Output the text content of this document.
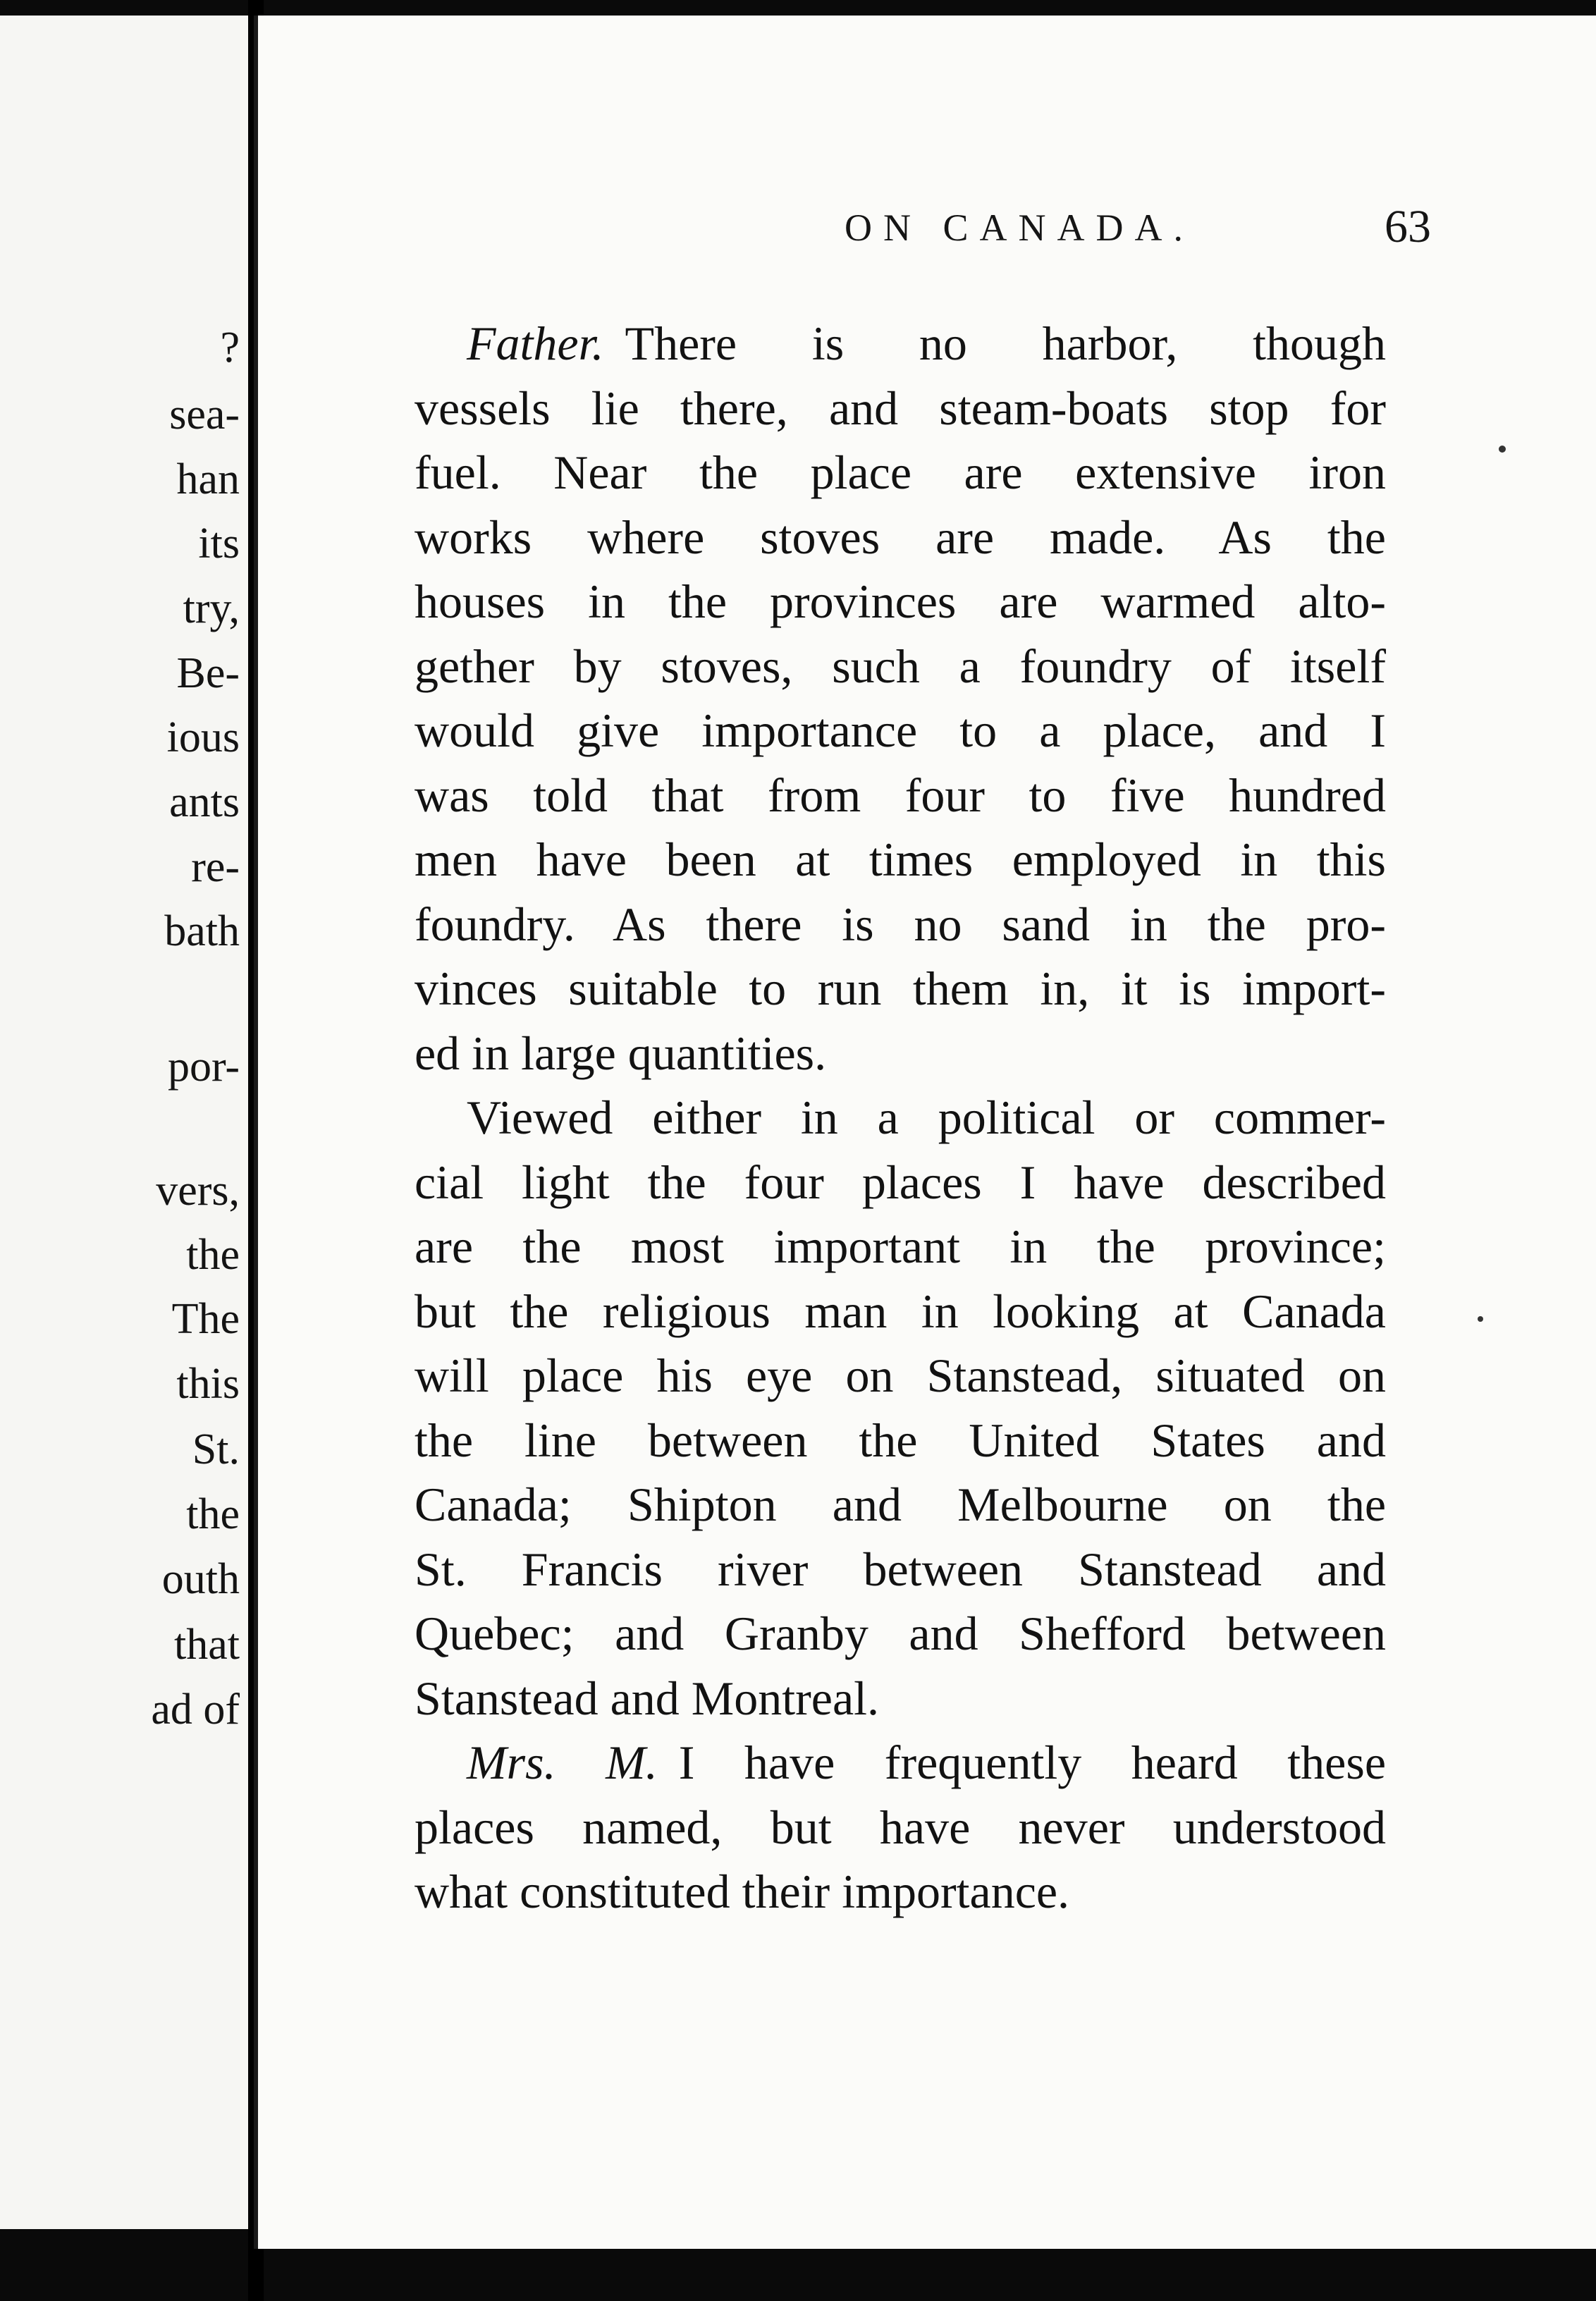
?
sea-
han
its
try,
Be-
ious
ants
re-
bath
por-
vers,
the
The
this
St.
the
outh
that
ad of
ON CANADA.	63
Father. There is no harbor, though
vessels lie there, and steam-boats stop for
fuel. Near the place are extensive iron
works where stoves are made. As the
houses in the provinces are warmed alto-
gether by stoves, such a foundry of itself
would give importance to a place, and I
was told that from four to five hundred
men have been at times employed in this
foundry. As there is no sand in the pro-
vinces suitable to run them in, it is import-
ed in large quantities.
Viewed either in a political or commer-
cial light the four places I have described
are the most important in the province;
but the religious man in looking at Canada
will place his eye on Stanstead, situated on
the line between the United States and
Canada; Shipton and Melbourne on the
St. Francis river between Stanstead and
Quebec; and Granby and Shefford between
Stanstead and Montreal.
Mrs. M. I have frequently heard these
places named, but have never understood
what constituted their importance.
